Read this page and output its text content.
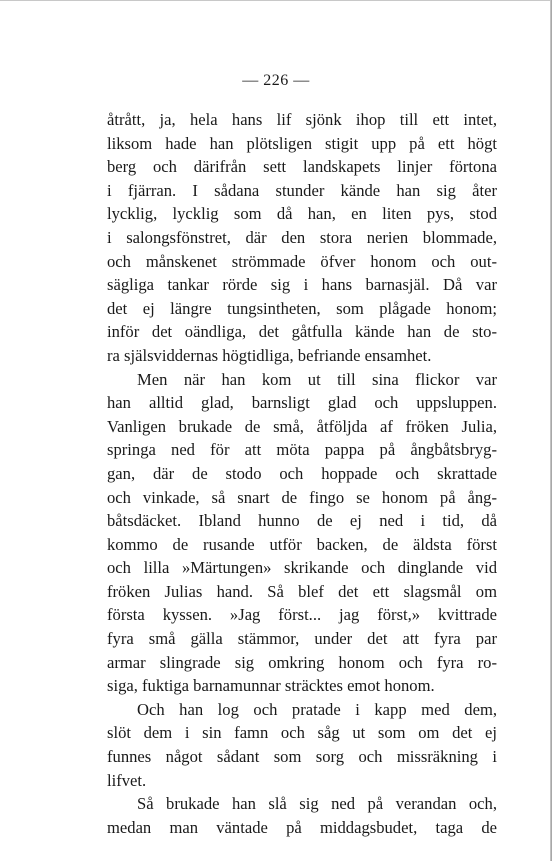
— 226 —
åtrått, ja, hela hans lif sjönk ihop till ett intet,
liksom hade han plötsligen stigit upp på ett högt
berg och därifrån sett landskapets linjer förtona
i fjärran. I sådana stunder kände han sig åter
lycklig, lycklig som då han, en liten pys, stod
i salongsfönstret, där den stora nerien blommade,
och månskenet strömmade öfver honom och out-
sägliga tankar rörde sig i hans barnasjäl. Då var
det ej längre tungsintheten, som plågade honom;
inför det oändliga, det gåtfulla kände han de sto-
ra själsviddernas högtidliga, befriande ensamhet.
Men när han kom ut till sina flickor var
han alltid glad, barnsligt glad och uppsluppen.
Vanligen brukade de små, åtföljda af fröken Julia,
springa ned för att möta pappa på ångbåtsbryg-
gan, där de stodo och hoppade och skrattade
och vinkade, så snart de fingo se honom på ång-
båtsdäcket. Ibland hunno de ej ned i tid, då
kommo de rusande utför backen, de äldsta först
och lilla »Märtungen» skrikande och dinglande vid
fröken Julias hand. Så blef det ett slagsmål om
första kyssen. »Jag först... jag först,» kvittrade
fyra små gälla stämmor, under det att fyra par
armar slingrade sig omkring honom och fyra ro-
siga, fuktiga barnamunnar sträcktes emot honom.
Och han log och pratade i kapp med dem,
slöt dem i sin famn och såg ut som om det ej
funnes något sådant som sorg och missräkning i
lifvet.
Så brukade han slå sig ned på verandan och,
medan man väntade på middagsbudet, taga de
